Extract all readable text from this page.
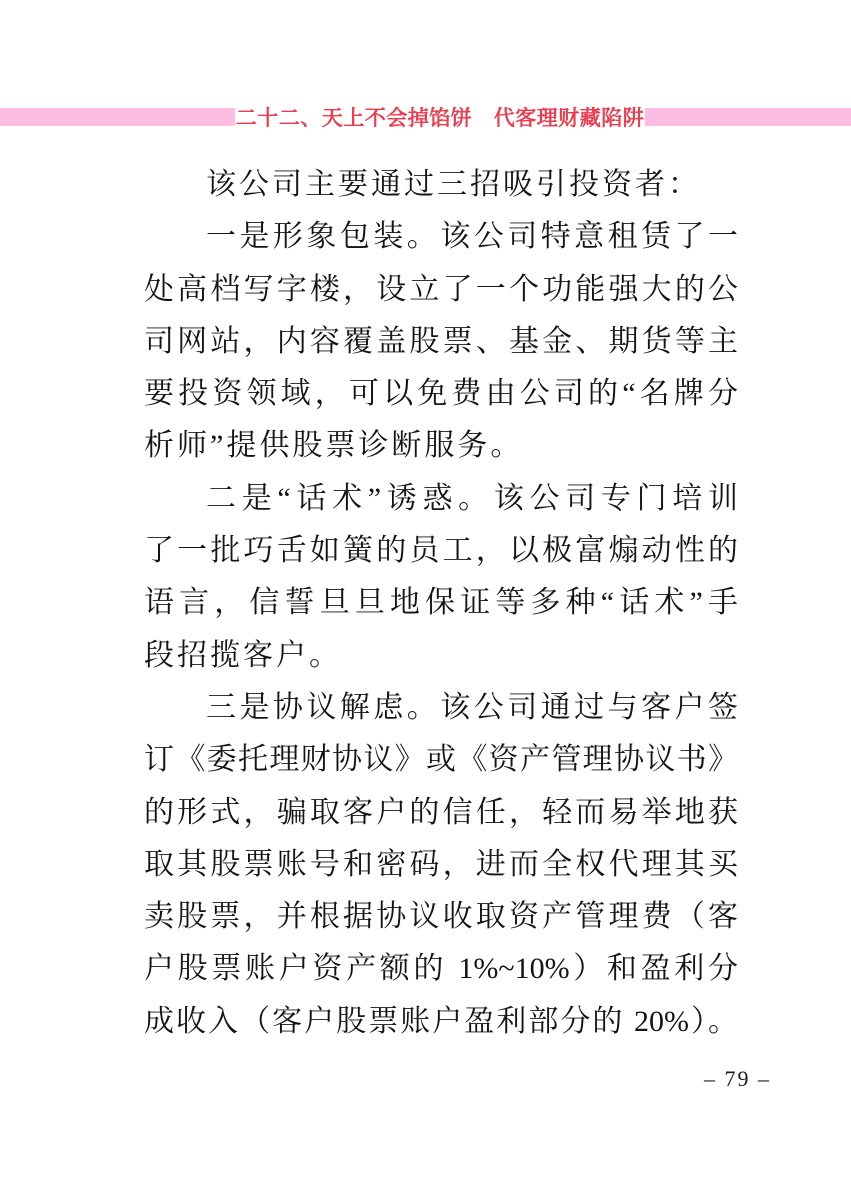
二十二、天上不会掉馅饼　代客理财藏陷阱
该公司主要通过三招吸引投资者：
一是形象包装。该公司特意租赁了一
处高档写字楼，设立了一个功能强大的公
司网站，内容覆盖股票、基金、期货等主
要投资领域，可以免费由公司的“名牌分
析师”提供股票诊断服务。
二是“话术”诱惑。该公司专门培训
了一批巧舌如簧的员工，以极富煽动性的
语言，信誓旦旦地保证等多种“话术”手
段招揽客户。
三是协议解虑。该公司通过与客户签
订《委托理财协议》或《资产管理协议书》
的形式，骗取客户的信任，轻而易举地获
取其股票账号和密码，进而全权代理其买
卖股票，并根据协议收取资产管理费（客
户股票账户资产额的 1%~10%）和盈利分
成收入（客户股票账户盈利部分的 20%）。
– 79 –
